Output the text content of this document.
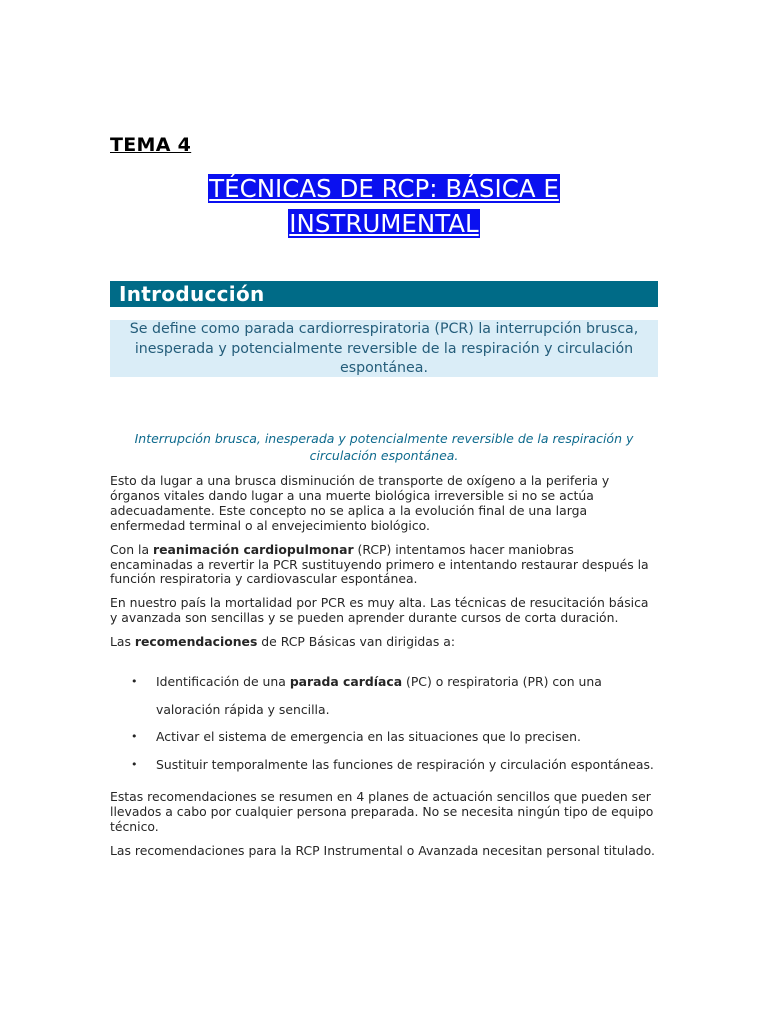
TEMA 4
TÉCNICAS DE RCP: BÁSICA E
INSTRUMENTAL
Introducción
Se define como parada cardiorrespiratoria (PCR) la interrupción brusca, inesperada y potencialmente reversible de la respiración y circulación espontánea.
Interrupción brusca, inesperada y potencialmente reversible de la respiración y circulación espontánea.

Esto da lugar a una brusca disminución de transporte de oxígeno a la periferia y órganos vitales dando lugar a una muerte biológica irreversible si no se actúa adecuadamente. Este concepto no se aplica a la evolución final de una larga enfermedad terminal o al envejecimiento biológico.

Con la reanimación cardiopulmonar (RCP) intentamos hacer maniobras encaminadas a revertir la PCR sustituyendo primero e intentando restaurar después la función respiratoria y cardiovascular espontánea.

En nuestro país la mortalidad por PCR es muy alta. Las técnicas de resucitación básica y avanzada son sencillas y se pueden aprender durante cursos de corta duración.

Las recomendaciones de RCP Básicas van dirigidas a:

• Identificación de una parada cardíaca (PC) o respiratoria (PR) con una valoración rápida y sencilla.
• Activar el sistema de emergencia en las situaciones que lo precisen.
• Sustituir temporalmente las funciones de respiración y circulación espontáneas.

Estas recomendaciones se resumen en 4 planes de actuación sencillos que pueden ser llevados a cabo por cualquier persona preparada. No se necesita ningún tipo de equipo técnico.

Las recomendaciones para la RCP Instrumental o Avanzada necesitan personal titulado.
